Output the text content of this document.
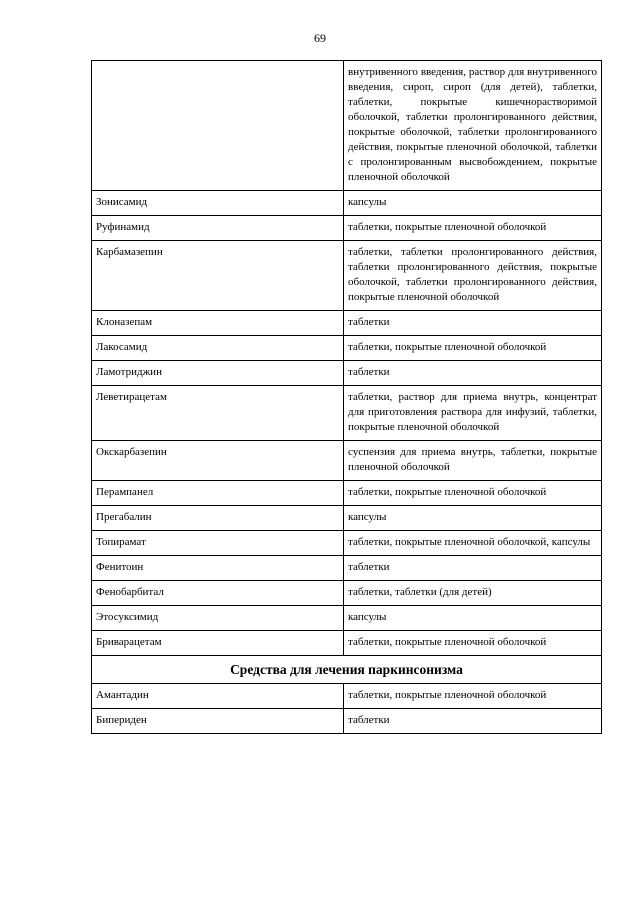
69
	внутривенного введения, раствор для внутривенного введения, сироп, сироп (для детей), таблетки, таблетки, покрытые кишечнорастворимой оболочкой, таблетки пролонгированного действия, покрытые оболочкой, таблетки пролонгированного действия, покрытые пленочной оболочкой, таблетки с пролонгированным высвобождением, покрытые пленочной оболочкой
Зонисамид	капсулы
Руфинамид	таблетки, покрытые пленочной оболочкой
Карбамазепин	таблетки, таблетки пролонгированного действия, таблетки пролонгированного действия, покрытые оболочкой, таблетки пролонгированного действия, покрытые пленочной оболочкой
Клоназепам	таблетки
Лакосамид	таблетки, покрытые пленочной оболочкой
Ламотриджин	таблетки
Леветирацетам	таблетки, раствор для приема внутрь, концентрат для приготовления раствора для инфузий, таблетки, покрытые пленочной оболочкой
Окскарбазепин	суспензия для приема внутрь, таблетки, покрытые пленочной оболочкой
Перампанел	таблетки, покрытые пленочной оболочкой
Прегабалин	капсулы
Топирамат	таблетки, покрытые пленочной оболочкой, капсулы
Фенитоин	таблетки
Фенобарбитал	таблетки, таблетки (для детей)
Этосуксимид	капсулы
Бриварацетам	таблетки, покрытые пленочной оболочкой
Средства для лечения паркинсонизма	
Амантадин	таблетки, покрытые пленочной оболочкой
Бипериден	таблетки
